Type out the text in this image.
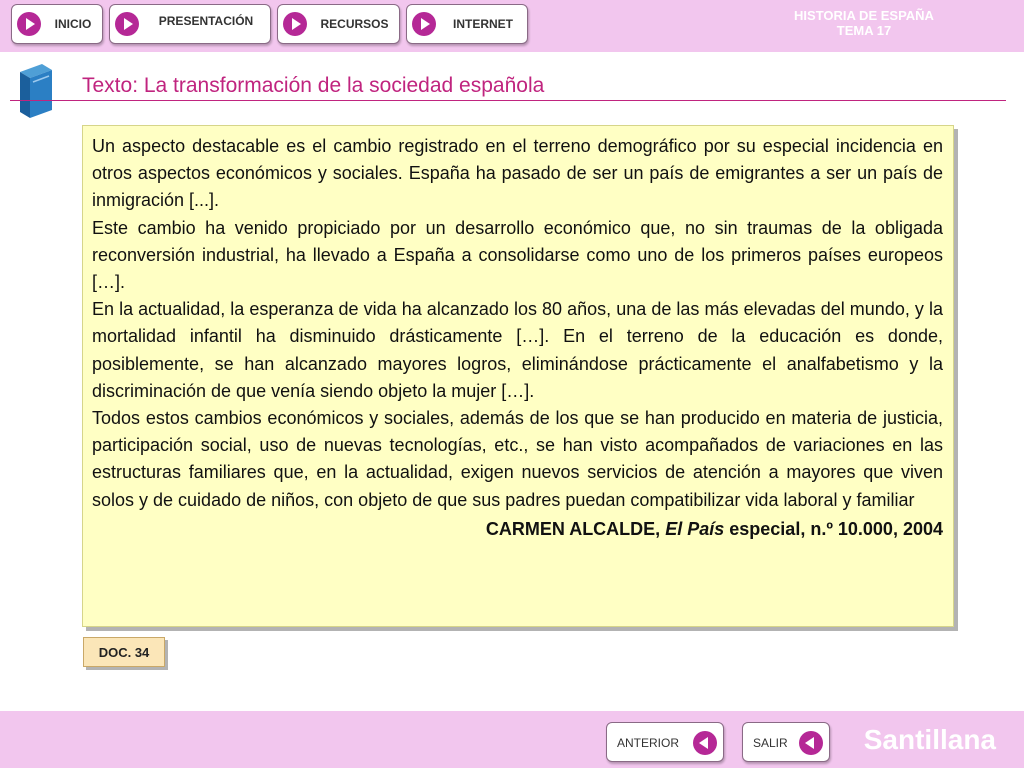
INICIO	PRESENTACIÓN	RECURSOS	INTERNET
HISTORIA DE ESPAÑA
TEMA 17
Texto: La transformación de la sociedad española

Un aspecto destacable es el cambio registrado en el terreno demográfico por su especial incidencia en otros aspectos económicos y sociales. España ha pasado de ser un país de emigrantes a ser un país de inmigración [...].

Este cambio ha venido propiciado por un desarrollo económico que, no sin traumas de la obligada reconversión industrial, ha llevado a España a consolidarse como uno de los primeros países europeos […].

En la actualidad, la esperanza de vida ha alcanzado los 80 años, una de las más elevadas del mundo, y la mortalidad infantil ha disminuido drásticamente […]. En el terreno de la educación es donde, posiblemente, se han alcanzado mayores logros, eliminándose prácticamente el analfabetismo y la discriminación de que venía siendo objeto la mujer […].

Todos estos cambios económicos y sociales, además de los que se han producido en materia de justicia, participación social, uso de nuevas tecnologías, etc., se han visto acompañados de variaciones en las estructuras familiares que, en la actualidad, exigen nuevos servicios de atención a mayores que viven solos y de cuidado de niños, con objeto de que sus padres puedan compatibilizar vida laboral y familiar

CARMEN ALCALDE, El País especial, n.º 10.000, 2004
DOC. 34
ANTERIOR	SALIR	Santillana
